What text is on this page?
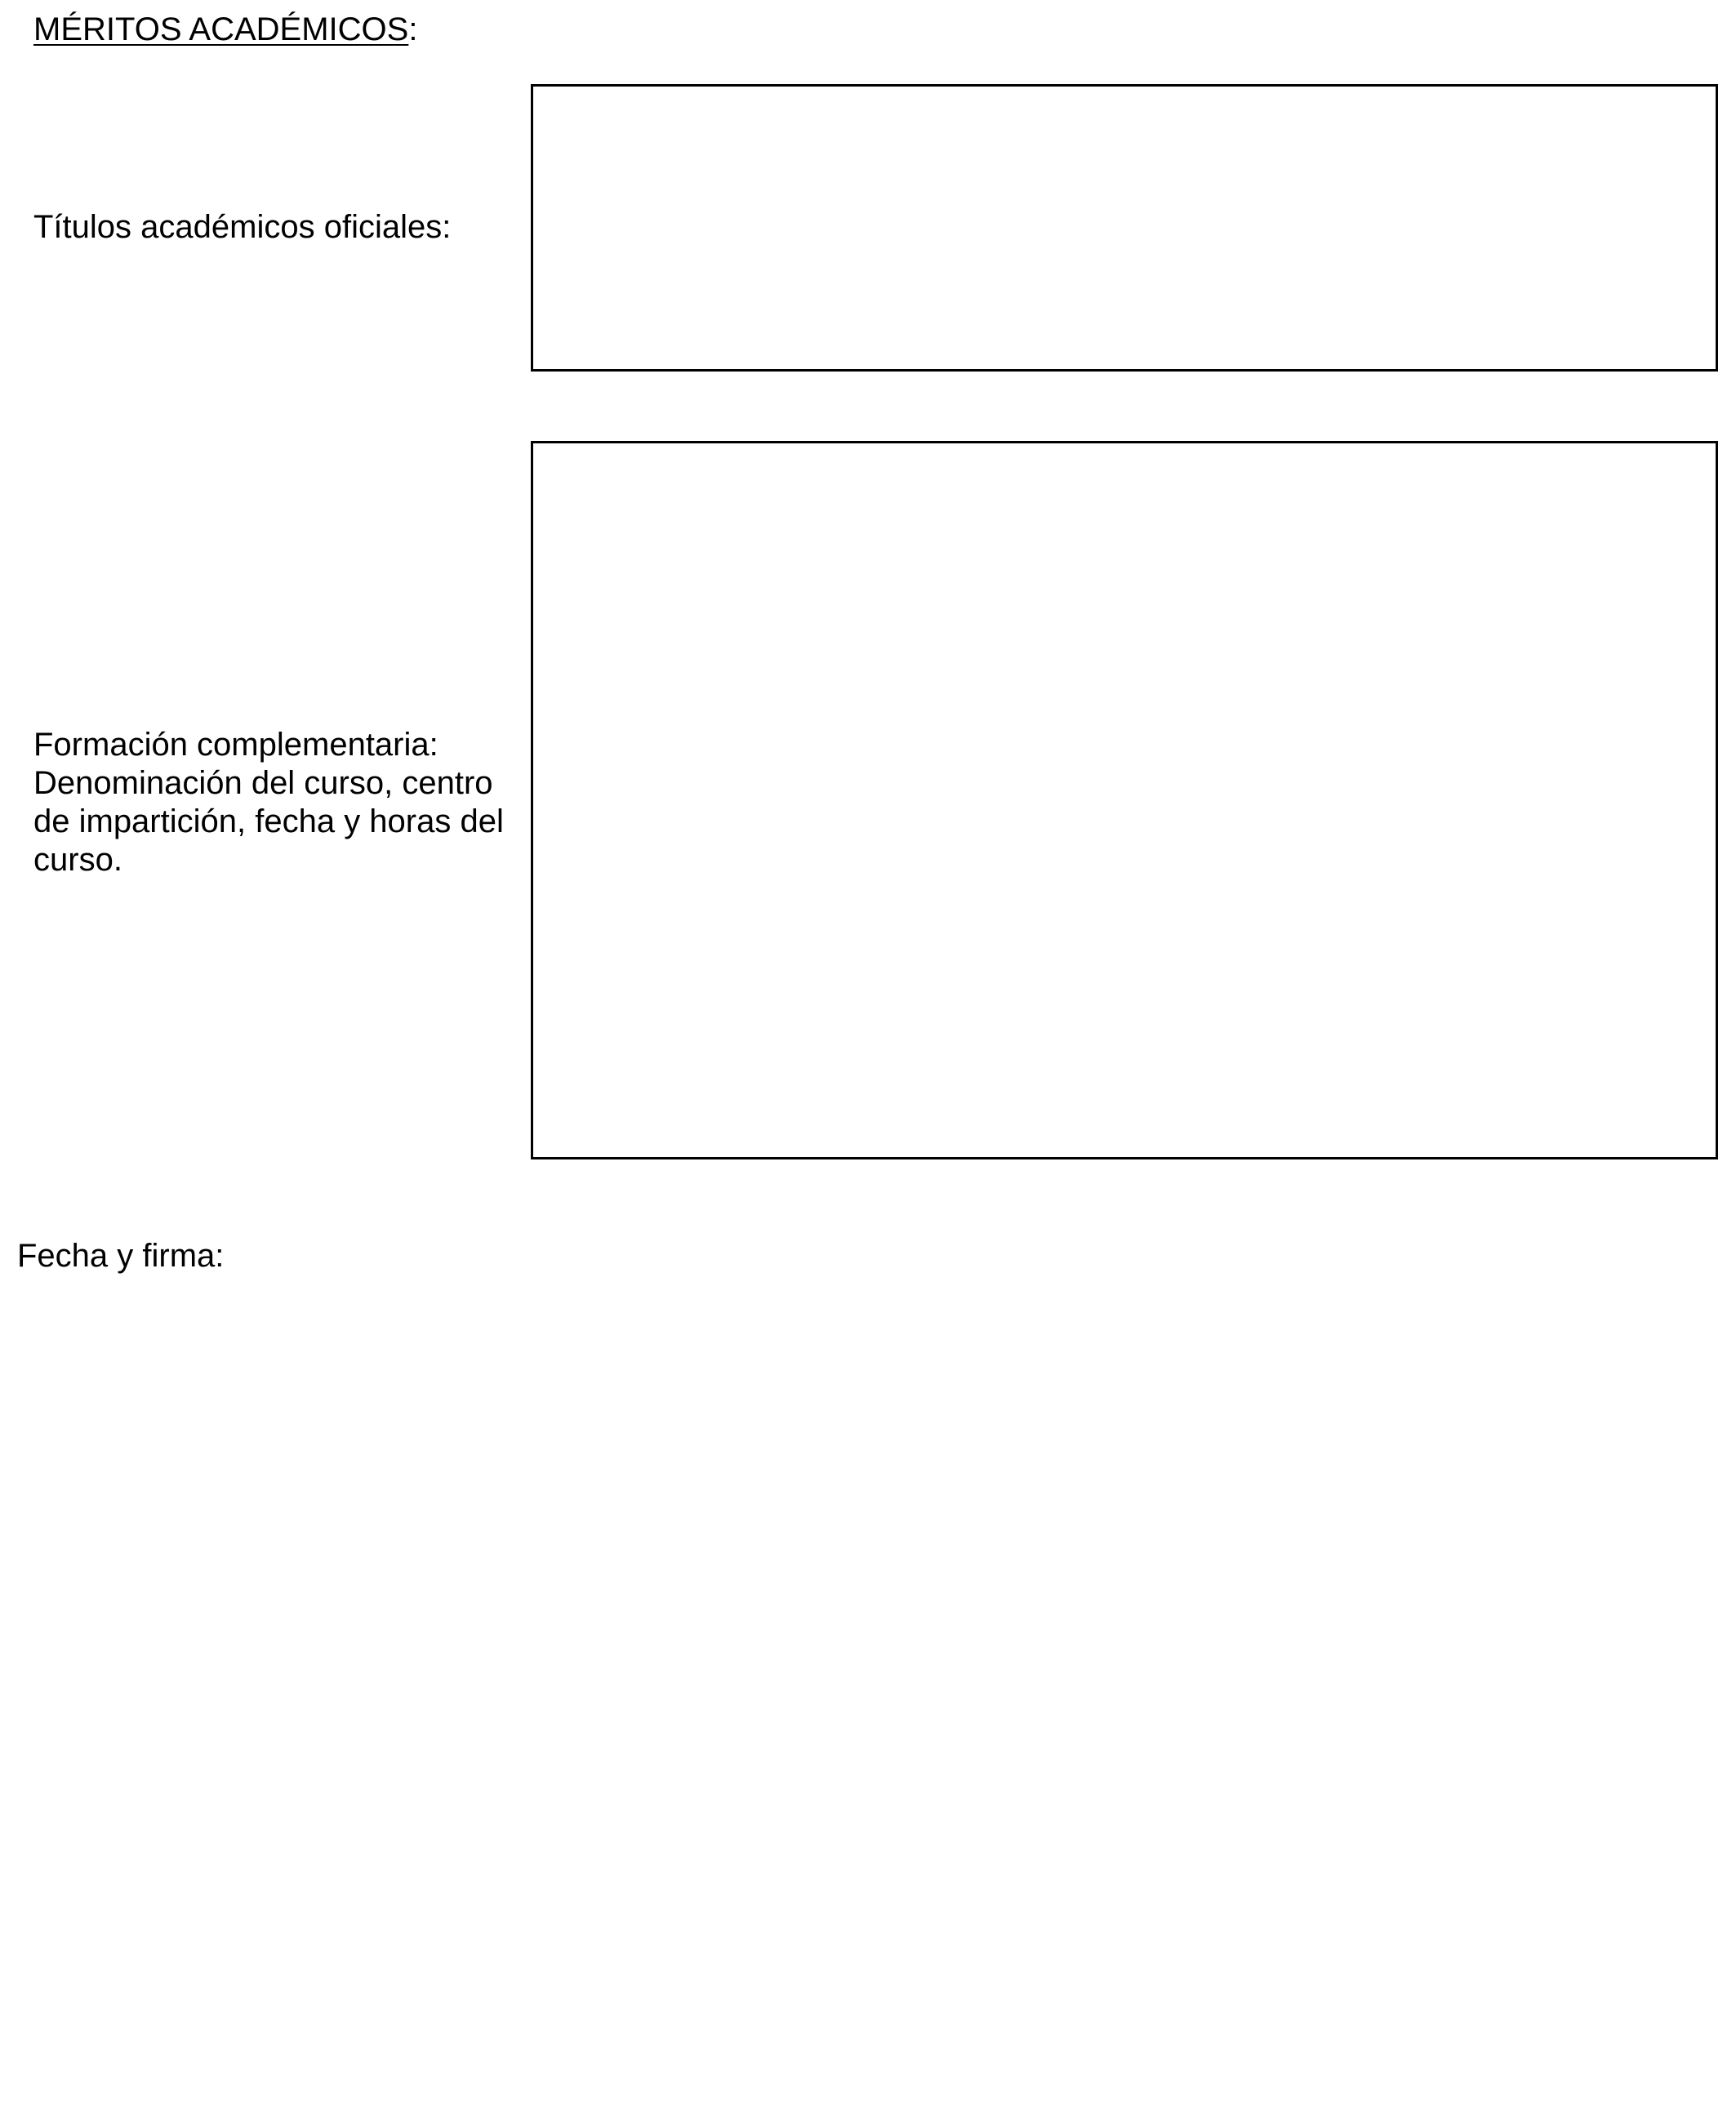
MÉRITOS ACADÉMICOS:
Títulos académicos oficiales:
Formación complementaria:
Denominación del curso, centro de impartición, fecha y horas del curso.
Fecha y firma:
